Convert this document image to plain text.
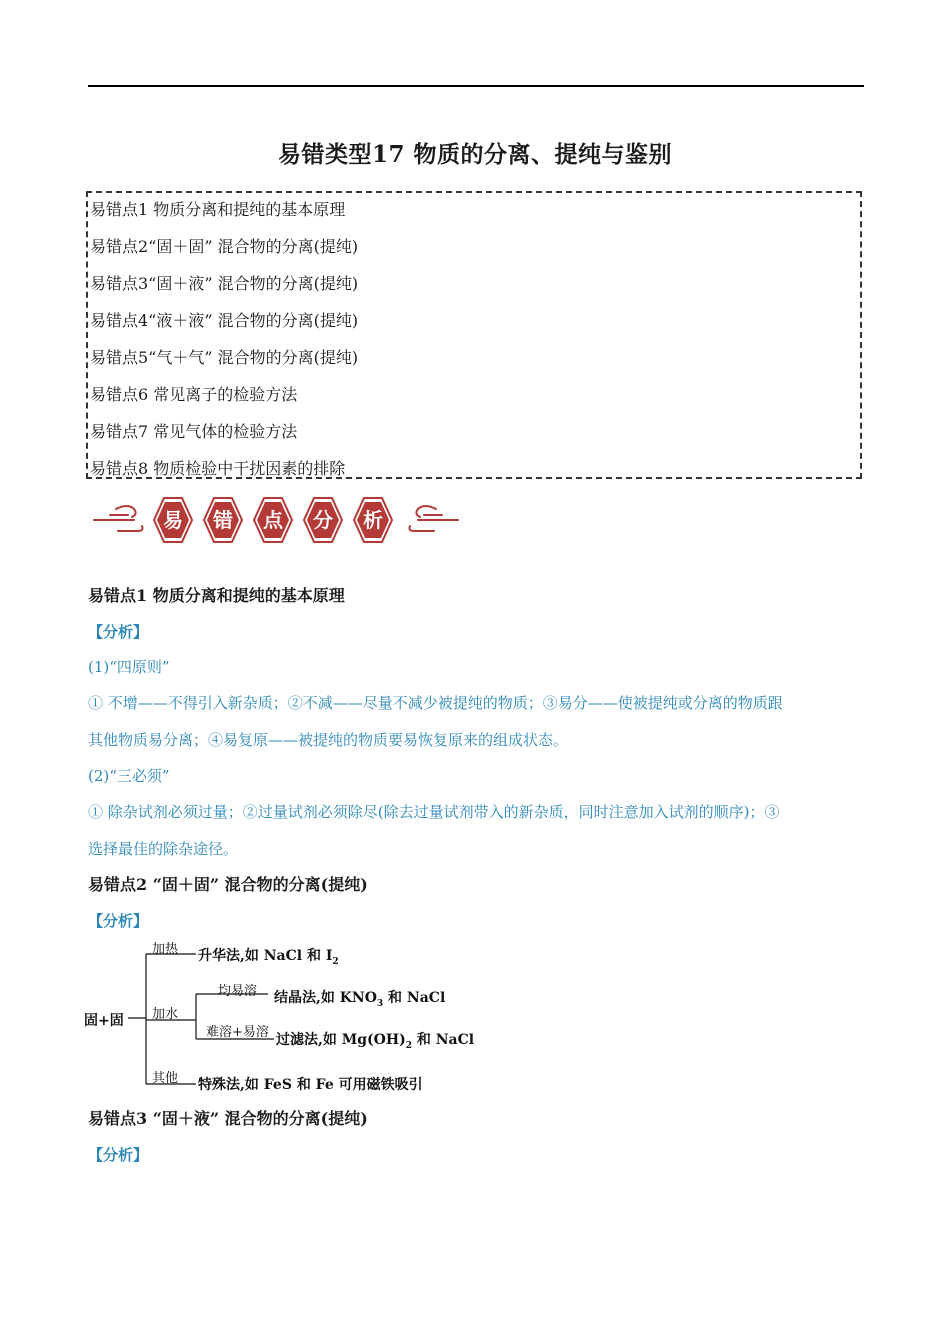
易错类型17 物质的分离、提纯与鉴别
易错点1 物质分离和提纯的基本原理
易错点2“固＋固” 混合物的分离(提纯)
易错点3“固＋液” 混合物的分离(提纯)
易错点4“液＋液” 混合物的分离(提纯)
易错点5“气＋气” 混合物的分离(提纯)
易错点6 常见离子的检验方法
易错点7 常见气体的检验方法
易错点8 物质检验中干扰因素的排除
易 错 点 分 析
易错点1 物质分离和提纯的基本原理
【分析】
(1)“四原则”
① 不增——不得引入新杂质；②不减——尽量不减少被提纯的物质；③易分——使被提纯或分离的物质跟
其他物质易分离；④易复原——被提纯的物质要易恢复原来的组成状态。
(2)“三必须”
① 除杂试剂必须过量；②过量试剂必须除尽(除去过量试剂带入的新杂质，同时注意加入试剂的顺序)；③
选择最佳的除杂途径。
易错点2 “固＋固” 混合物的分离(提纯)
【分析】
固+固
加热 升华法,如 NaCl 和 $I_2$
加水
均易溶 结晶法,如 $KNO_3$ 和 NaCl
难溶+易溶 过滤法,如 $Mg(OH)_2$ 和 NaCl
其他 特殊法,如 FeS 和 Fe 可用磁铁吸引
易错点3 “固＋液” 混合物的分离(提纯)
【分析】
